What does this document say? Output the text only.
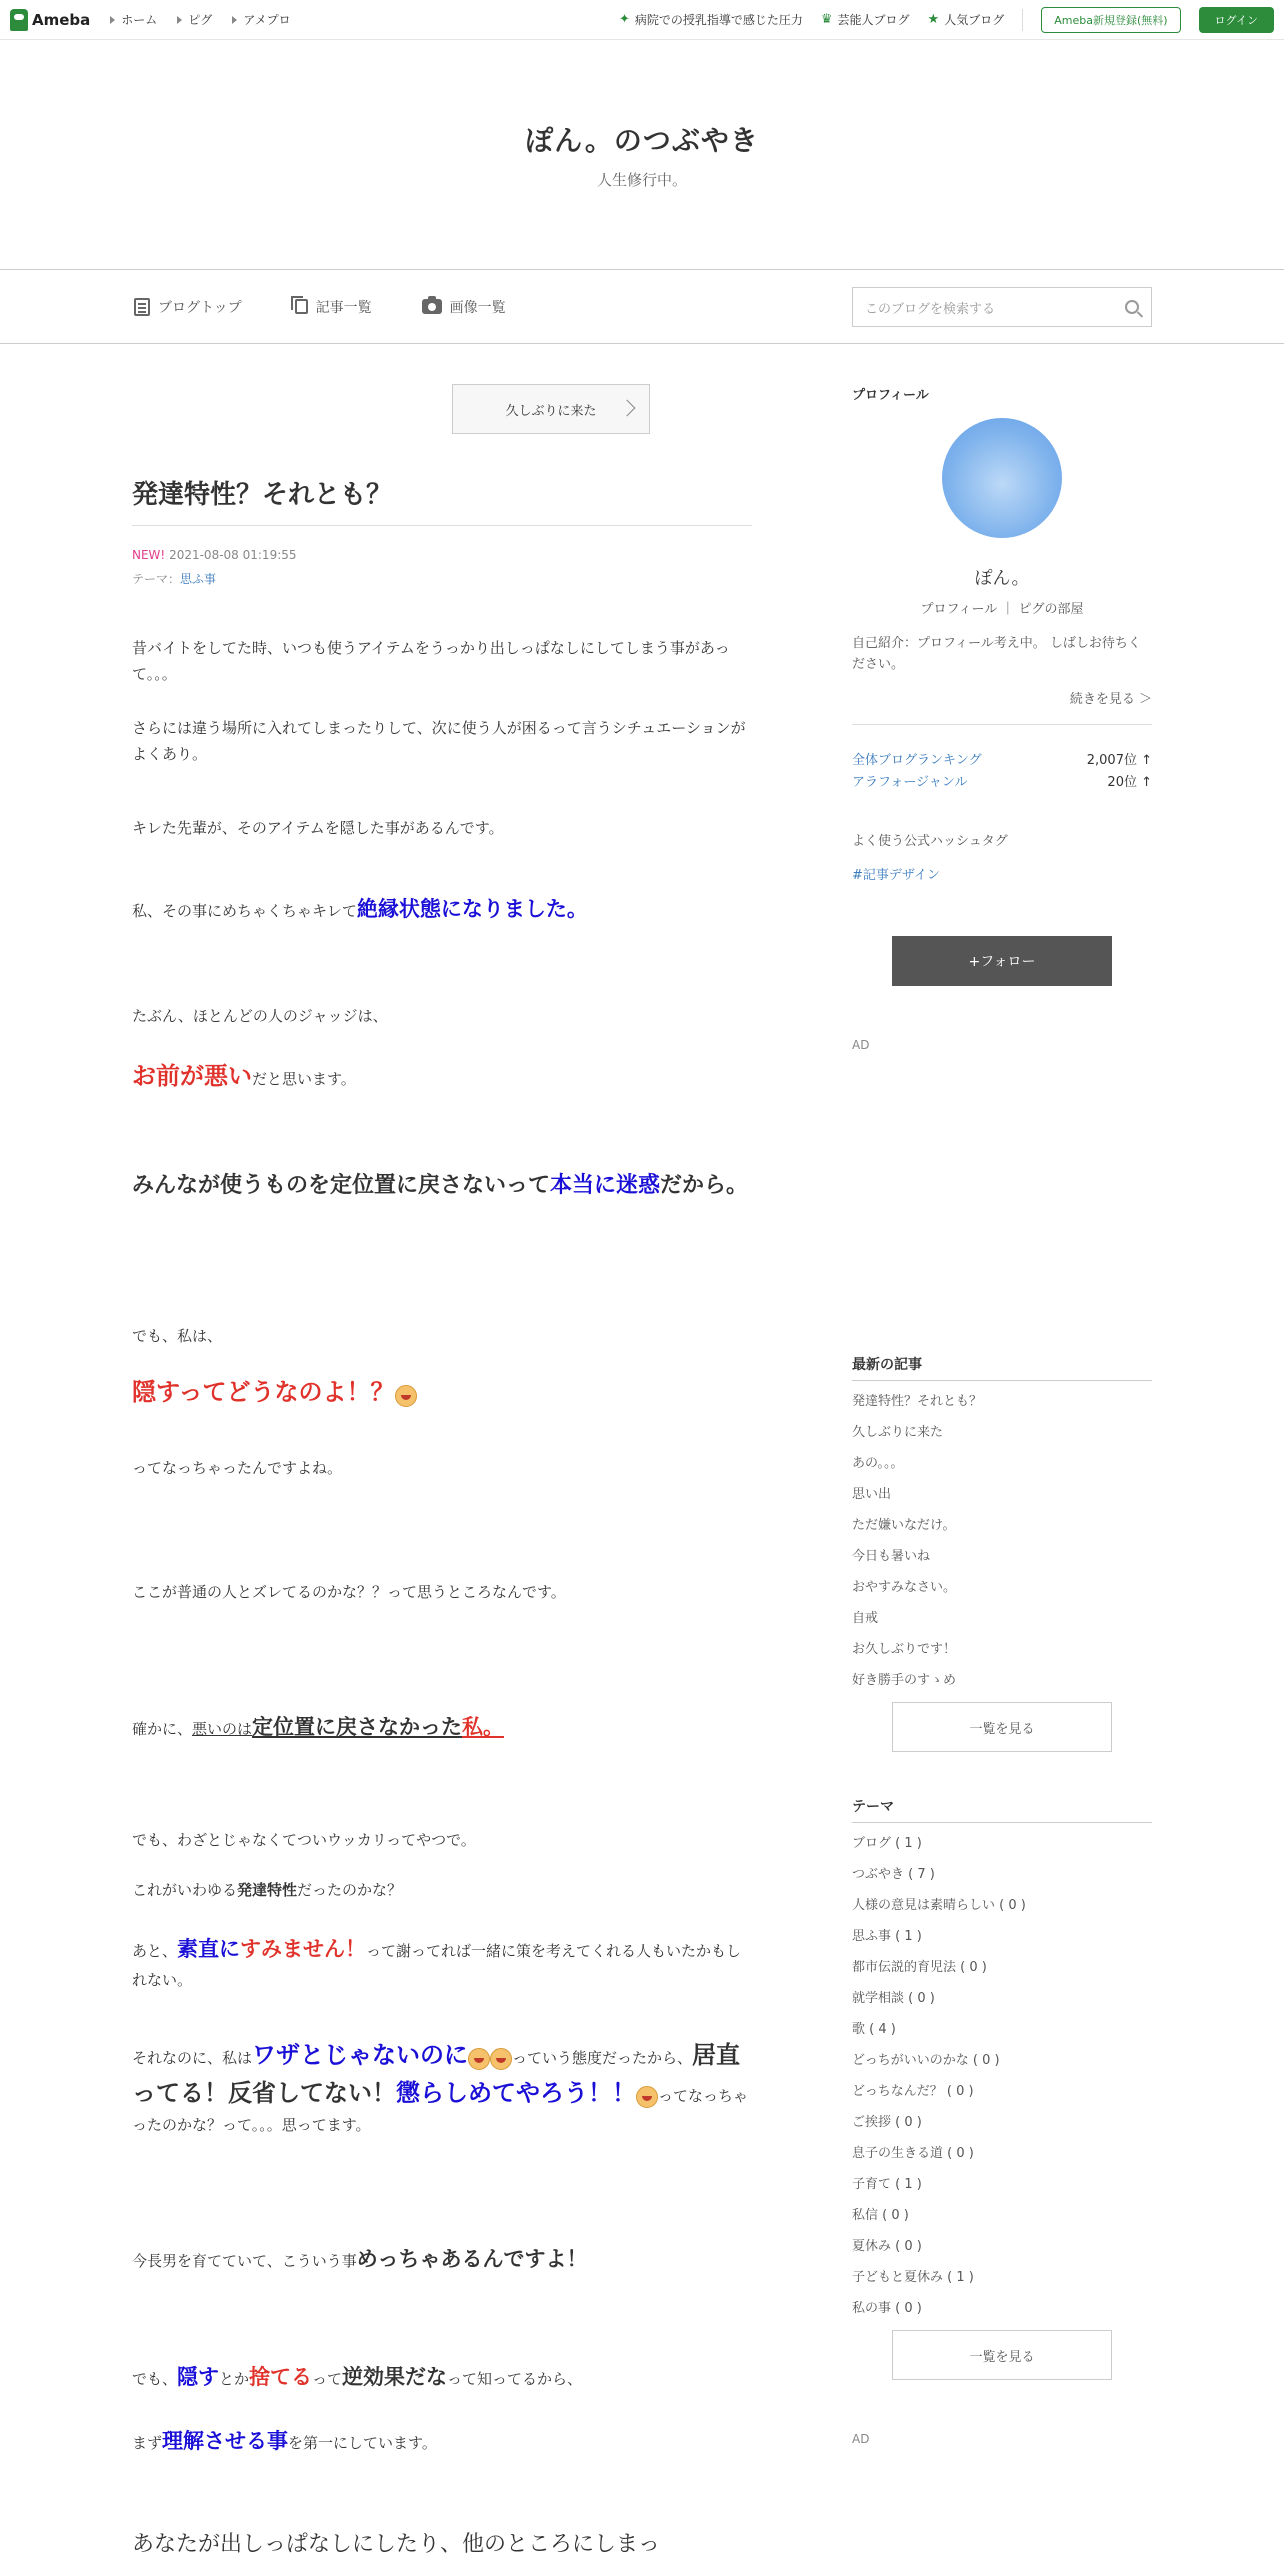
Ameba	ホーム	ピグ	アメプロ	✦ 病院での授乳指導で感じた圧力 ♛ 芸能人ブログ ★ 人気ブログ	Ameba新規登録(無料)	ログイン
ぽん。のつぶやき
人生修行中。
ブログトップ	記事一覧	画像一覧	このブログを検索する
久しぶりに来た
発達特性？それとも？
NEW! 2021-08-08 01:19:55
テーマ：思ふ事
昔バイトをしてた時、いつも使うアイテムをうっかり出しっぱなしにしてしまう事があって。。。
さらには違う場所に入れてしまったりして、次に使う人が困るって言うシチュエーションがよくあり。
キレた先輩が、そのアイテムを隠した事があるんです。
私、その事にめちゃくちゃキレて絶縁状態になりました。
たぶん、ほとんどの人のジャッジは、
お前が悪いだと思います。
みんなが使うものを定位置に戻さないって本当に迷惑だから。
でも、私は、
隠すってどうなのよ！？
ってなっちゃったんですよね。
ここが普通の人とズレてるのかな？？って思うところなんです。
確かに、悪いのは定位置に戻さなかった私。
でも、わざとじゃなくてついウッカリってやつで。
これがいわゆる発達特性だったのかな？
あと、素直にすみません！って謝ってれば一緒に策を考えてくれる人もいたかもしれない。
それなのに、私はワザとじゃないのに	っていう態度だったから、居直ってる！反省してない！懲らしめてやろう！！ ってなっちゃったのかな？って。。。思ってます。
今長男を育てていて、こういう事めっちゃあるんですよ！
でも、隠すとか捨てるって逆効果だなって知ってるから、
まず理解させる事を第一にしています。
あなたが出しっぱなしにしたり、他のところにしまっ
プロフィール
ぽん。
プロフィール ｜ ピグの部屋
自己紹介：プロフィール考え中。 しばしお待ちください。
続きを見る ＞
全体ブログランキング	2,007位 ↑
アラフォージャンル	20位 ↑
よく使う公式ハッシュタグ
#記事デザイン
+フォロー
AD
最新の記事
発達特性？それとも？
久しぶりに来た
あの。。。
思い出
ただ嫌いなだけ。
今日も暑いね
おやすみなさい。
自戒
お久しぶりです！
好き勝手のすゝめ
一覧を見る
テーマ
ブログ ( 1 )
つぶやき ( 7 )
人様の意見は素晴らしい ( 0 )
思ふ事 ( 1 )
都市伝説的育児法 ( 0 )
就学相談 ( 0 )
歌 ( 4 )
どっちがいいのかな ( 0 )
どっちなんだ？ ( 0 )
ご挨拶 ( 0 )
息子の生きる道 ( 0 )
子育て ( 1 )
私信 ( 0 )
夏休み ( 0 )
子どもと夏休み ( 1 )
私の事 ( 0 )
一覧を見る
AD
